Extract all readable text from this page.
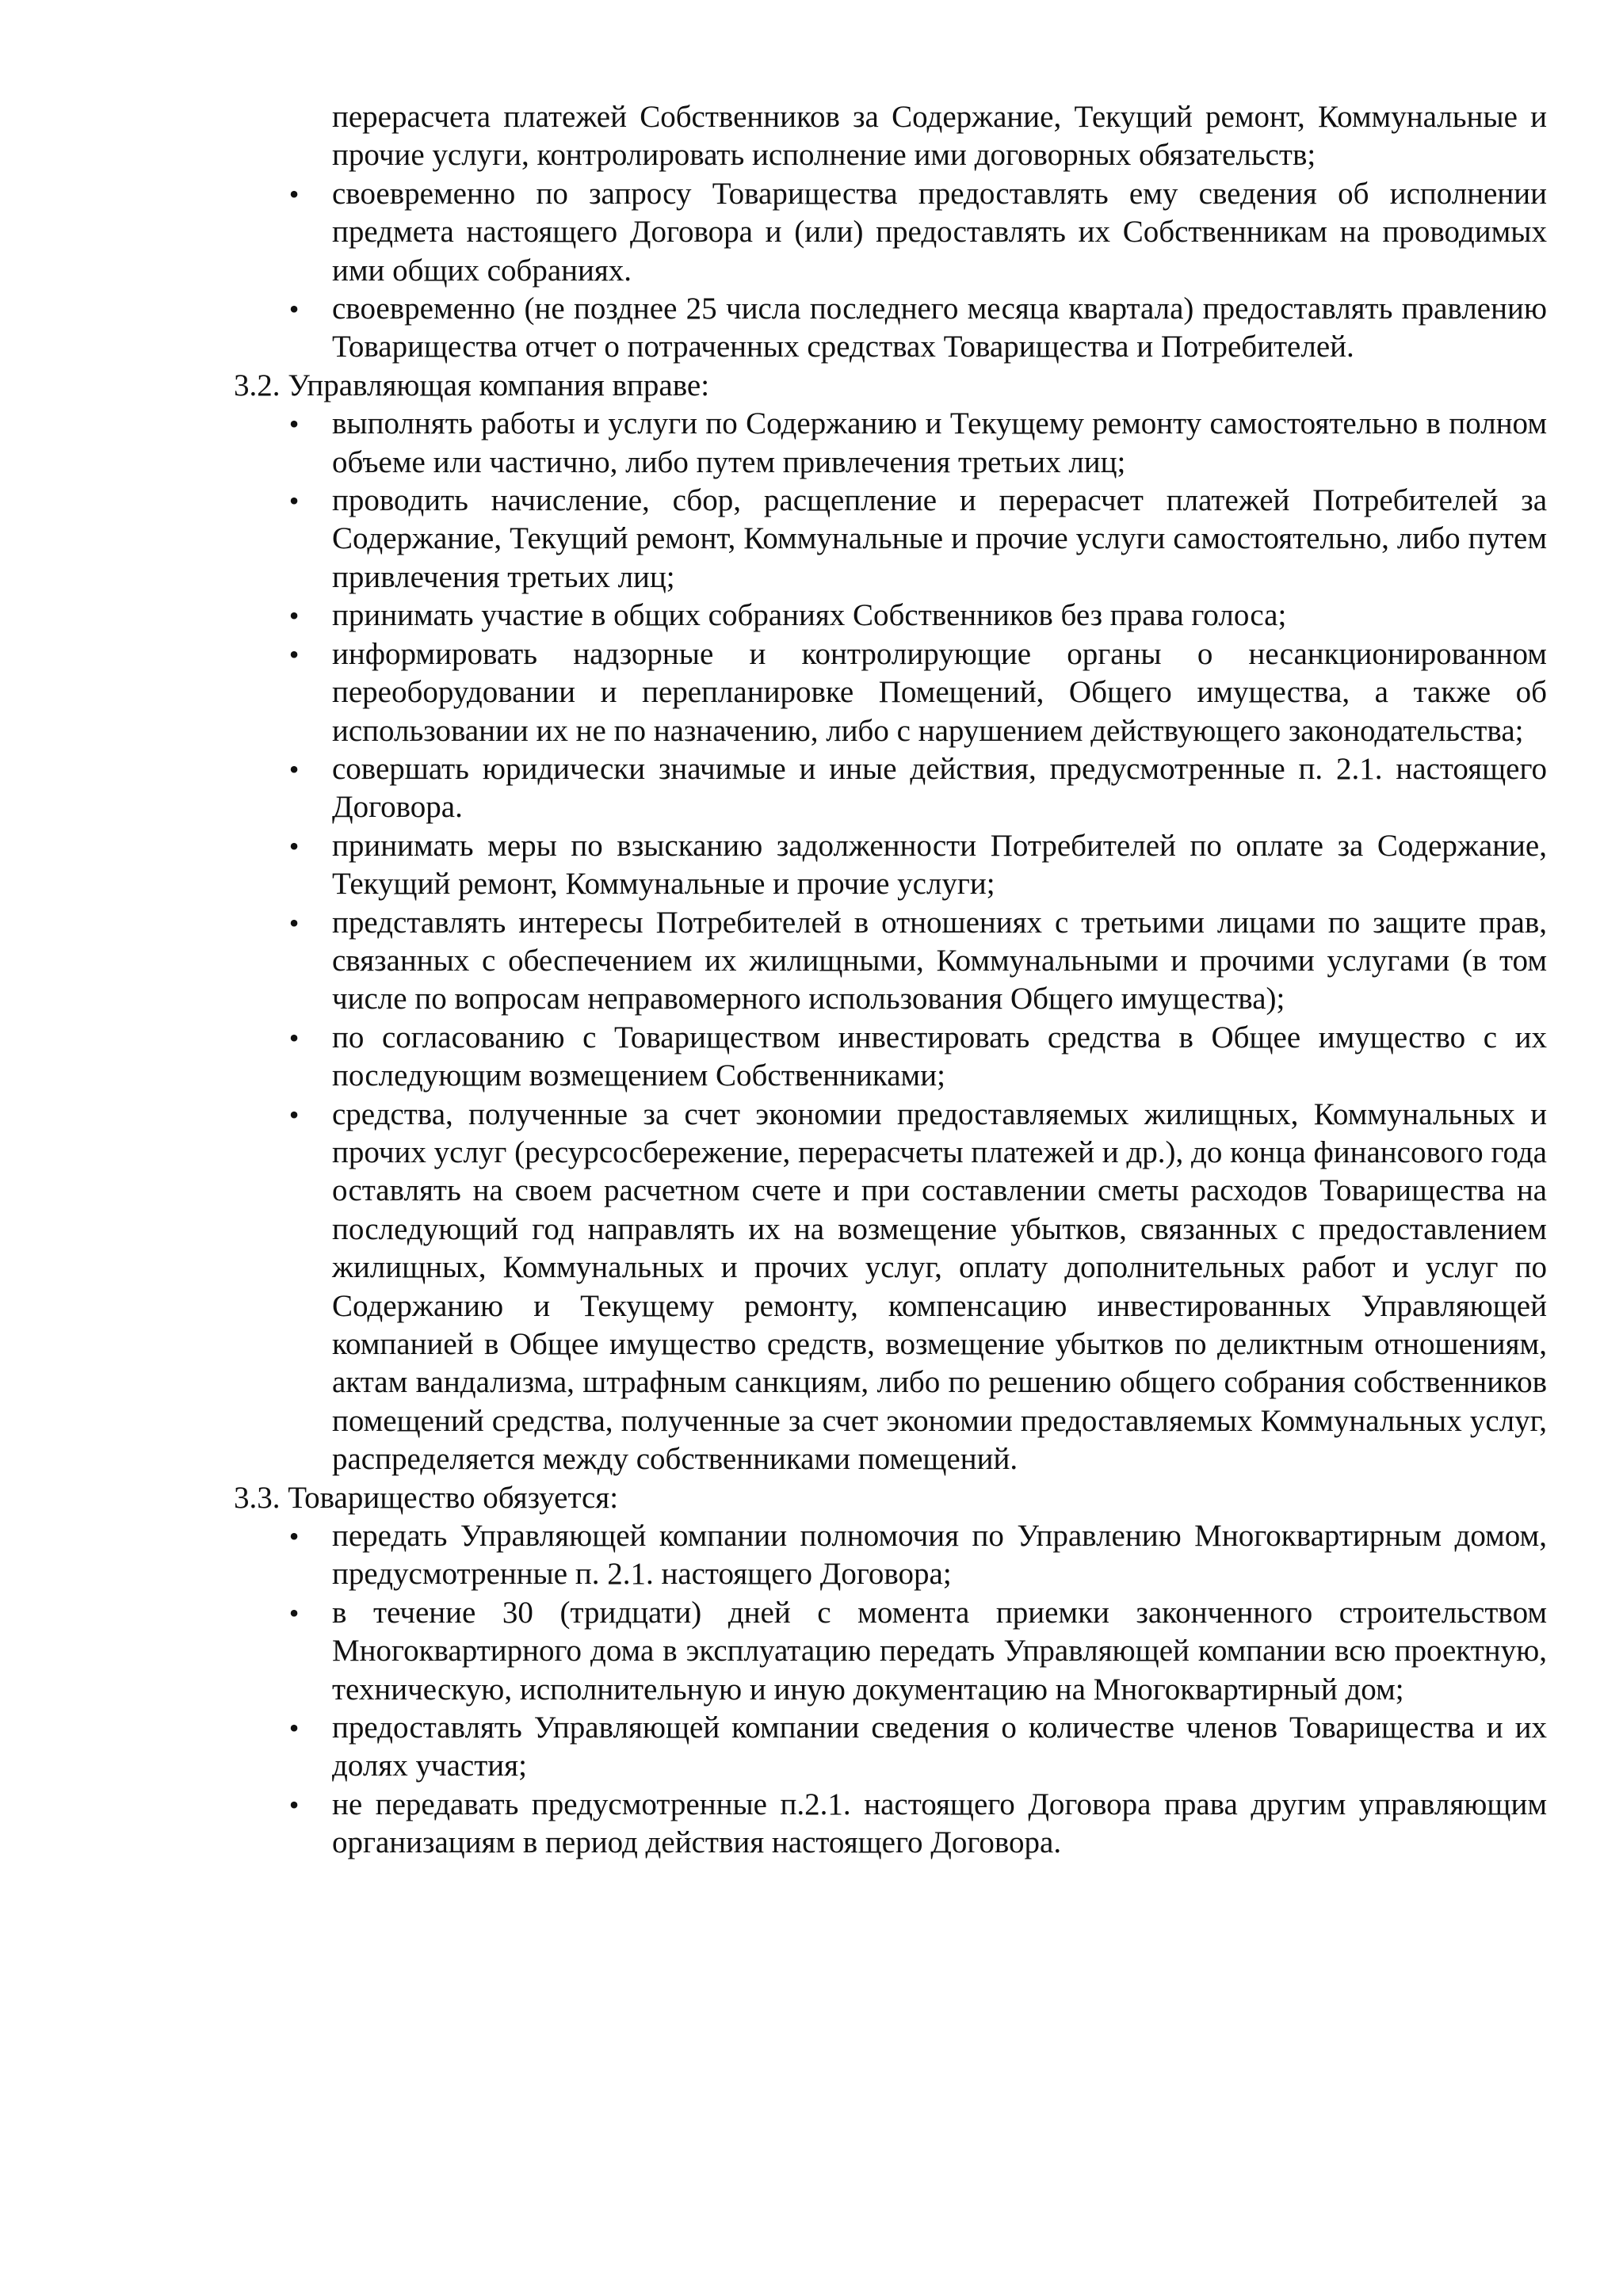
перерасчета платежей Собственников за Содержание, Текущий ремонт, Коммунальные и прочие услуги, контролировать исполнение ими договорных обязательств;

• своевременно по запросу Товарищества предоставлять ему сведения об исполнении предмета настоящего Договора и (или) предоставлять их Собственникам на проводимых ими общих собраниях.
• своевременно (не позднее 25 числа последнего месяца квартала) предоставлять правлению Товарищества отчет о потраченных средствах Товарищества и Потребителей.

3.2. Управляющая компания вправе:

• выполнять работы и услуги по Содержанию и Текущему ремонту самостоятельно в полном объеме или частично, либо путем привлечения третьих лиц;
• проводить начисление, сбор, расщепление и перерасчет платежей Потребителей за Содержание, Текущий ремонт, Коммунальные и прочие услуги самостоятельно, либо путем привлечения третьих лиц;
• принимать участие в общих собраниях Собственников без права голоса;
• информировать надзорные и контролирующие органы о несанкционированном переоборудовании и перепланировке Помещений, Общего имущества, а также об использовании их не по назначению, либо с нарушением действующего законодательства;
• совершать юридически значимые и иные действия, предусмотренные п. 2.1. настоящего Договора.
• принимать меры по взысканию задолженности Потребителей по оплате за Содержание, Текущий ремонт, Коммунальные и прочие услуги;
• представлять интересы Потребителей в отношениях с третьими лицами по защите прав, связанных с обеспечением их жилищными, Коммунальными и прочими услугами (в том числе по вопросам неправомерного использования Общего имущества);
• по согласованию с Товариществом инвестировать средства в Общее имущество с их последующим возмещением Собственниками;
• средства, полученные за счет экономии предоставляемых жилищных, Коммунальных и прочих услуг (ресурсосбережение, перерасчеты платежей и др.), до конца финансового года оставлять на своем расчетном счете и при составлении сметы расходов Товарищества на последующий год направлять их на возмещение убытков, связанных с предоставлением жилищных, Коммунальных и прочих услуг, оплату дополнительных работ и услуг по Содержанию и Текущему ремонту, компенсацию инвестированных Управляющей компанией в Общее имущество средств, возмещение убытков по деликтным отношениям, актам вандализма, штрафным санкциям, либо по решению общего собрания собственников помещений средства, полученные за счет экономии предоставляемых Коммунальных услуг, распределяется между собственниками помещений.

3.3. Товарищество обязуется:

• передать Управляющей компании полномочия по Управлению Многоквартирным домом, предусмотренные п. 2.1. настоящего Договора;
• в течение 30 (тридцати) дней с момента приемки законченного строительством Многоквартирного дома в эксплуатацию передать Управляющей компании всю проектную, техническую, исполнительную и иную документацию на Многоквартирный дом;
• предоставлять Управляющей компании сведения о количестве членов Товарищества и их долях участия;
• не передавать предусмотренные п.2.1. настоящего Договора права другим управляющим организациям в период действия настоящего Договора.
